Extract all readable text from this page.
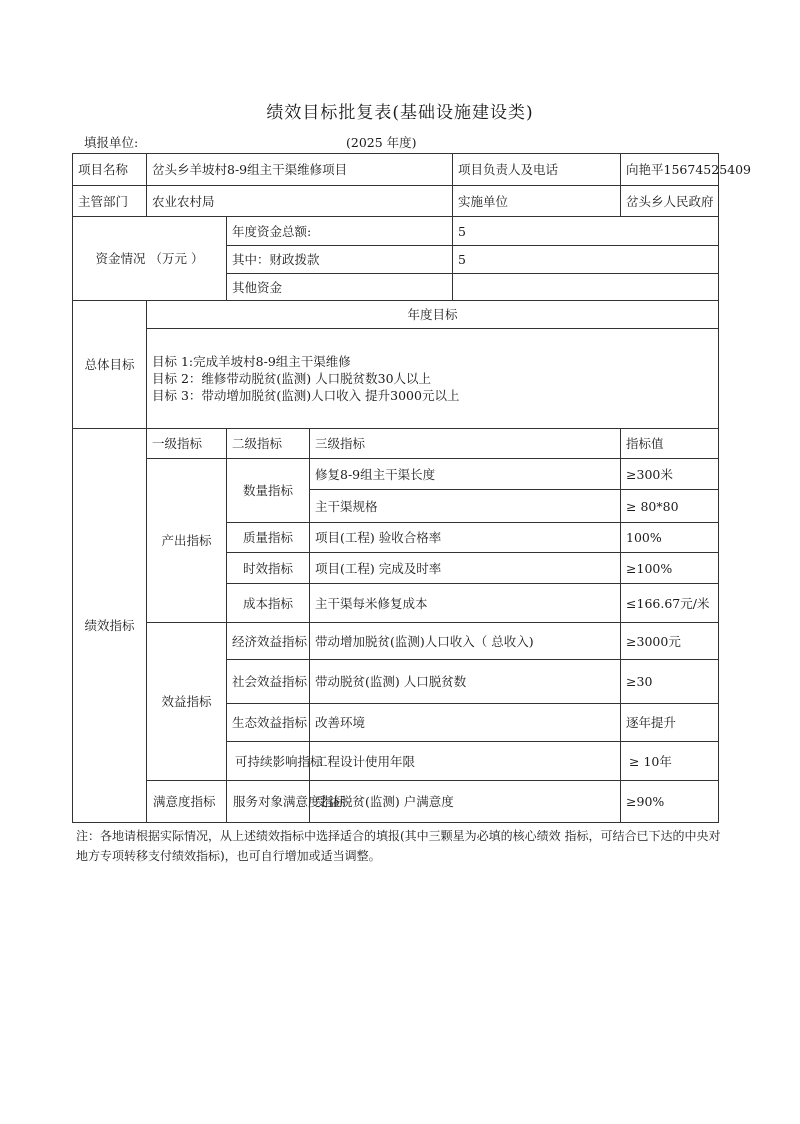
绩效目标批复表(基础设施建设类)
填报单位:	(2025 年度)
项目名称	岔头乡羊坡村8-9组主干渠维修项目			项目负责人及电话	向艳平15674525409
主管部门	农业农村局			实施单位	岔头乡人民政府
资金情况 （万元 ）		年度资金总额:		5	
		其中：财政拨款		5	
		其他资金			
总体目标	年度目标				

	目标 1:完成羊坡村8-9组主干渠维修
目标 2：维修带动脱贫(监测) 人口脱贫数30人以上
目标 3：带动增加脱贫(监测)人口收入 提升3000元以上				

绩效指标	一级指标	二级指标	三级指标		指标值
	产出指标	数量指标	修复8-9组主干渠长度		≥300米
			主干渠规格		≥ 80*80
		质量指标	项目(工程) 验收合格率		100%
		时效指标	项目(工程) 完成及时率		≥100%
		成本指标	主干渠每米修复成本		≤166.67元/米
	效益指标	经济效益指标	带动增加脱贫(监测)人口收入（ 总收入)		≥3000元
		社会效益指标	带动脱贫(监测) 人口脱贫数		≥30
		生态效益指标	改善环境		逐年提升
		可持续影响指标	工程设计使用年限		≥ 10年
	满意度指标	服务对象满意度指标	受益脱贫(监测) 户满意度		≥90%
注：各地请根据实际情况，从上述绩效指标中选择适合的填报(其中三颗星为必填的核心绩效 指标，可结合已下达的中央对地方专项转移支付绩效指标)，也可自行增加或适当调整。
